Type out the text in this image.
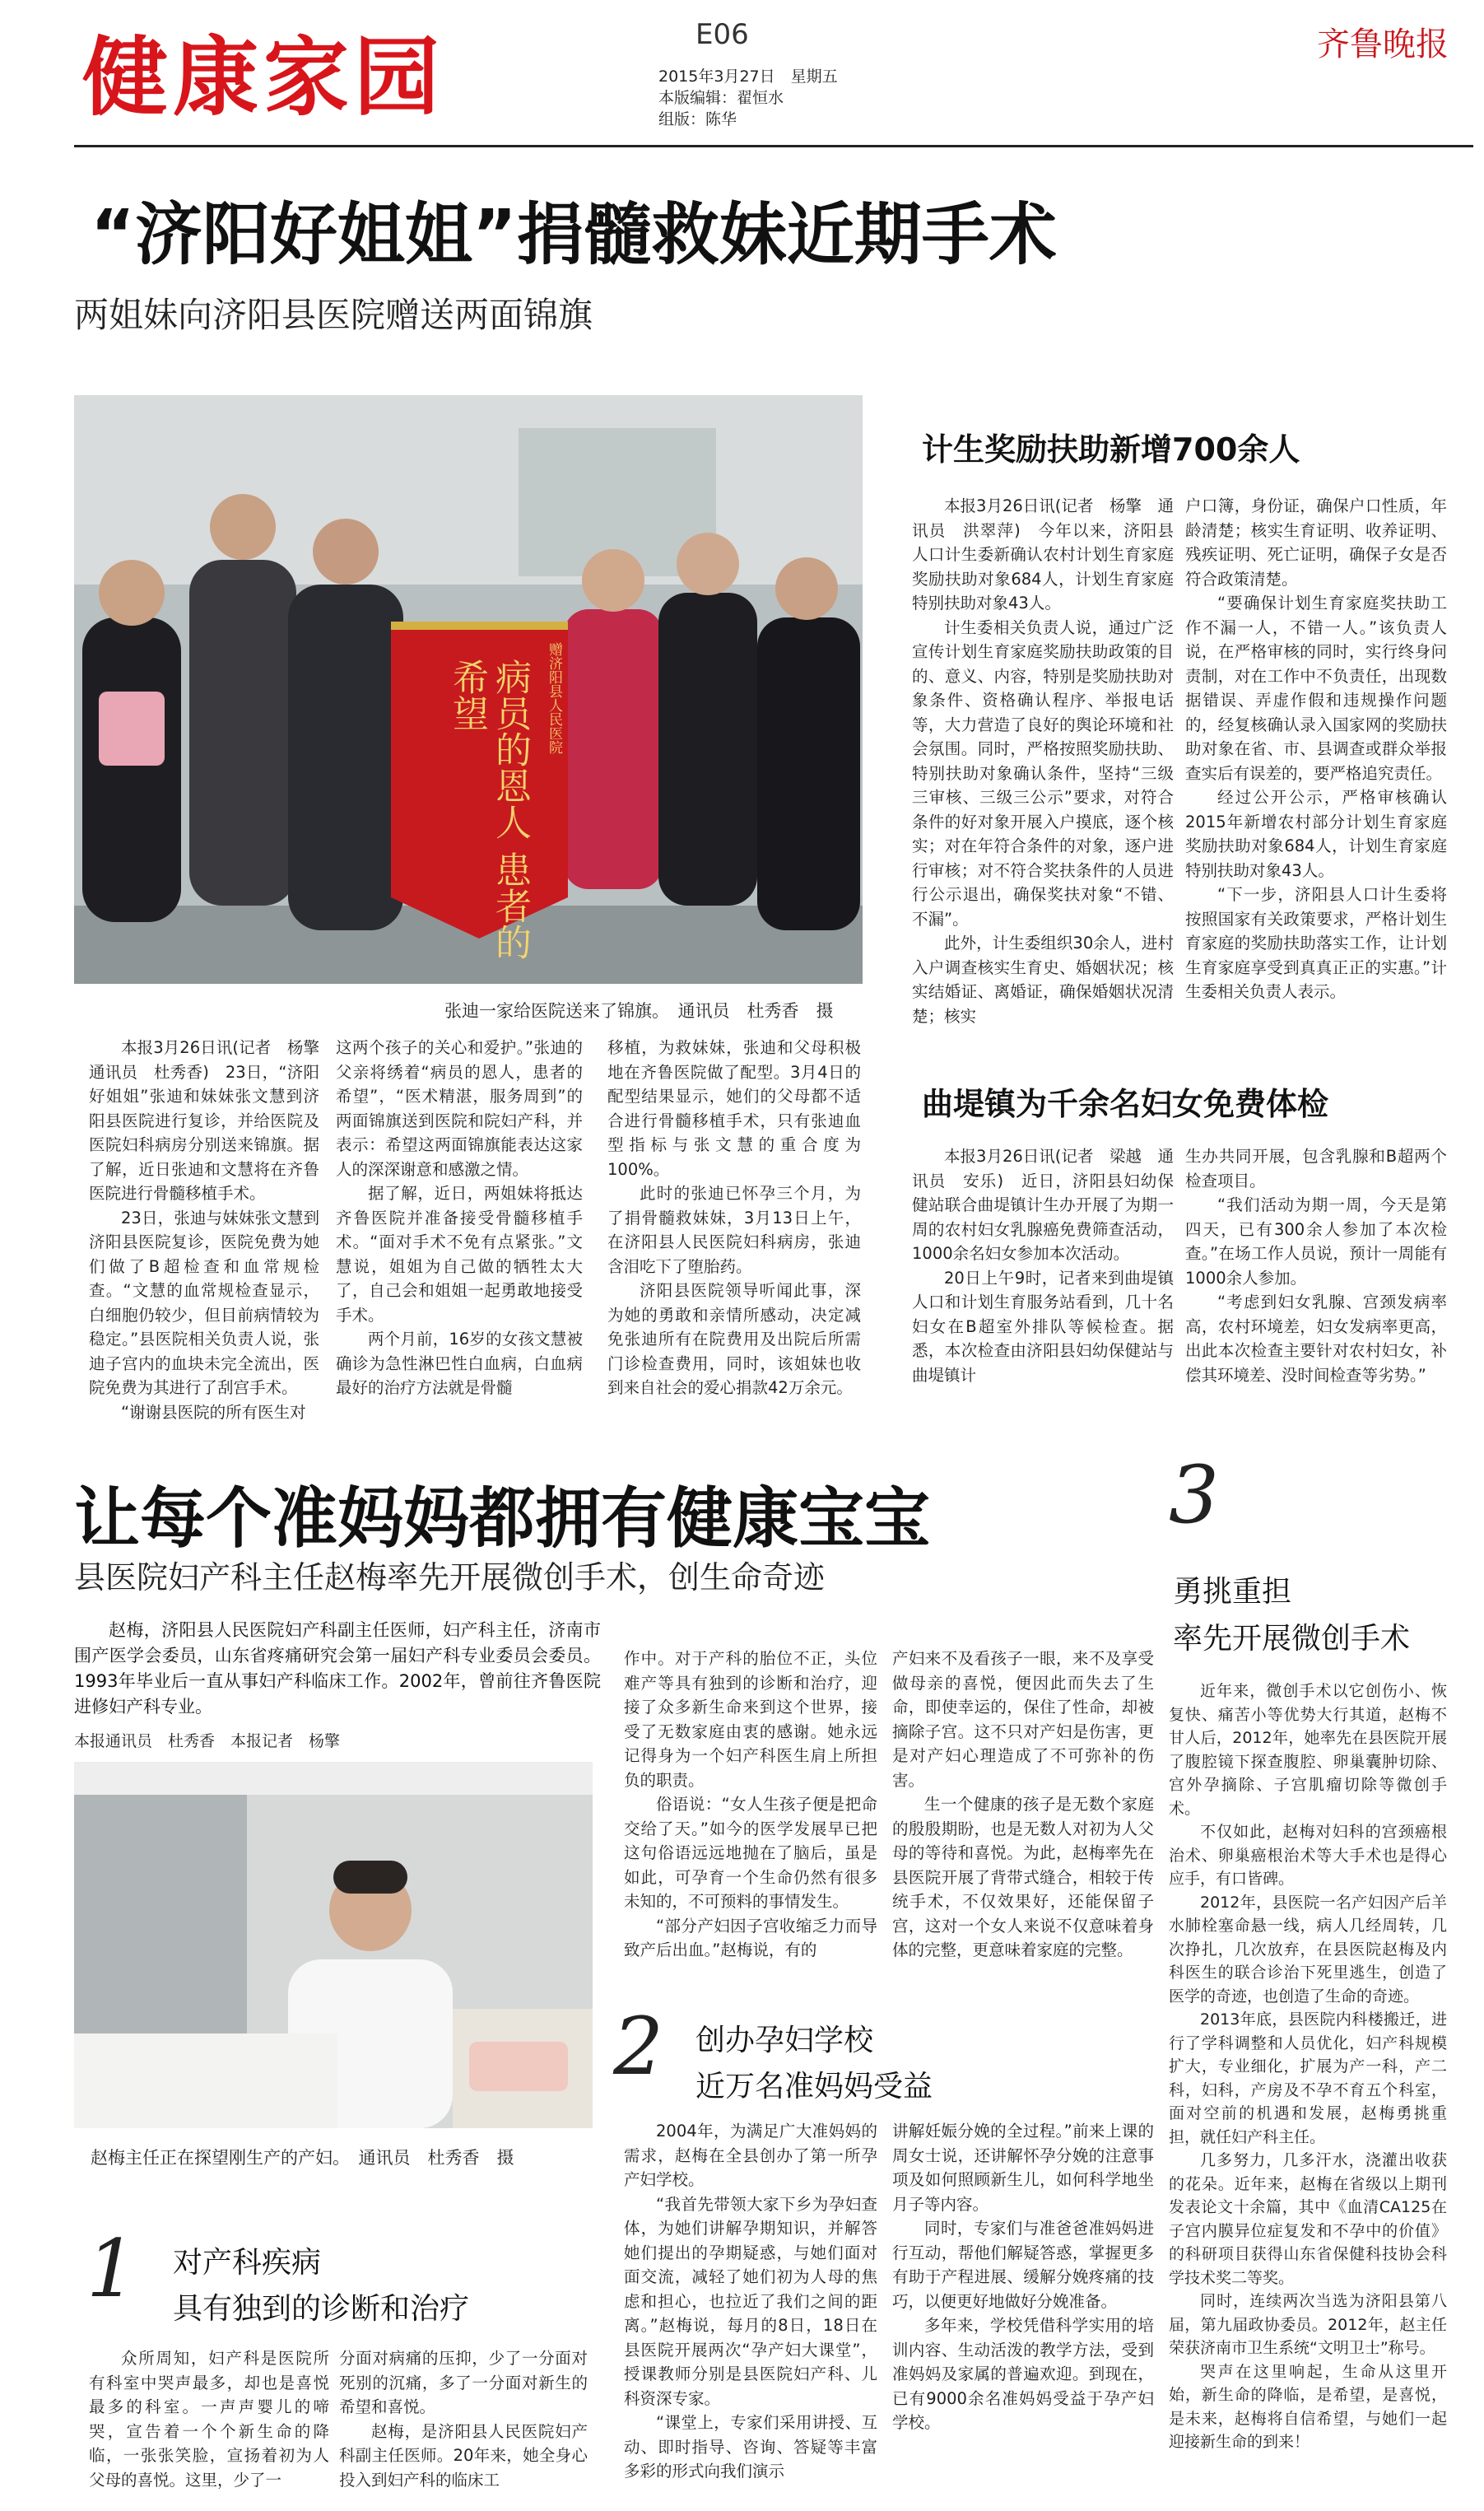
健康家园	E06
2015年3月27日　星期五
本版编辑：翟恒水
组版：陈华
齐鲁晚报
“济阳好姐姐”捐髓救妹近期手术
两姐妹向济阳县医院赠送两面锦旗
赠济阳县人民医院
病员的恩人 患者的希望
张迪一家给医院送来了锦旗。　通讯员　杜秀香　摄

本报3月26日讯(记者　杨擎　通讯员　杜秀香)　23日，“济阳好姐姐”张迪和妹妹张文慧到济阳县医院进行复诊，并给医院及医院妇科病房分别送来锦旗。据了解，近日张迪和文慧将在齐鲁医院进行骨髓移植手术。

23日，张迪与妹妹张文慧到济阳县医院复诊，医院免费为她们做了B超检查和血常规检查。“文慧的血常规检查显示，白细胞仍较少，但目前病情较为稳定。”县医院相关负责人说，张迪子宫内的血块未完全流出，医院免费为其进行了刮宫手术。

“谢谢县医院的所有医生对

这两个孩子的关心和爱护。”张迪的父亲将绣着“病员的恩人，患者的希望”，“医术精湛，服务周到”的两面锦旗送到医院和院妇产科，并表示：希望这两面锦旗能表达这家人的深深谢意和感激之情。

据了解，近日，两姐妹将抵达齐鲁医院并准备接受骨髓移植手术。“面对手术不免有点紧张。”文慧说，姐姐为自己做的牺牲太大了，自己会和姐姐一起勇敢地接受手术。

两个月前，16岁的女孩文慧被确诊为急性淋巴性白血病，白血病最好的治疗方法就是骨髓

移植，为救妹妹，张迪和父母积极地在齐鲁医院做了配型。3月4日的配型结果显示，她们的父母都不适合进行骨髓移植手术，只有张迪血型指标与张文慧的重合度为100%。

此时的张迪已怀孕三个月，为了捐骨髓救妹妹，3月13日上午，在济阳县人民医院妇科病房，张迪含泪吃下了堕胎药。

济阳县医院领导听闻此事，深为她的勇敢和亲情所感动，决定减免张迪所有在院费用及出院后所需门诊检查费用，同时，该姐妹也收到来自社会的爱心捐款42万余元。

计生奖励扶助新增700余人

本报3月26日讯(记者　杨擎　通讯员　洪翠萍)　今年以来，济阳县人口计生委新确认农村计划生育家庭奖励扶助对象684人，计划生育家庭特别扶助对象43人。

计生委相关负责人说，通过广泛宣传计划生育家庭奖励扶助政策的目的、意义、内容，特别是奖励扶助对象条件、资格确认程序、举报电话等，大力营造了良好的舆论环境和社会氛围。同时，严格按照奖励扶助、特别扶助对象确认条件，坚持“三级三审核、三级三公示”要求，对符合条件的好对象开展入户摸底，逐个核实；对在年符合条件的对象，逐户进行审核；对不符合奖扶条件的人员进行公示退出，确保奖扶对象“不错、不漏”。

此外，计生委组织30余人，进村入户调查核实生育史、婚姻状况；核实结婚证、离婚证，确保婚姻状况清楚；核实

户口簿，身份证，确保户口性质，年龄清楚；核实生育证明、收养证明、残疾证明、死亡证明，确保子女是否符合政策清楚。

“要确保计划生育家庭奖扶助工作不漏一人，不错一人。”该负责人说，在严格审核的同时，实行终身问责制，对在工作中不负责任，出现数据错误、弄虚作假和违规操作问题的，经复核确认录入国家网的奖励扶助对象在省、市、县调查或群众举报查实后有误差的，要严格追究责任。

经过公开公示，严格审核确认2015年新增农村部分计划生育家庭奖励扶助对象684人，计划生育家庭特别扶助对象43人。

“下一步，济阳县人口计生委将按照国家有关政策要求，严格计划生育家庭的奖励扶助落实工作，让计划生育家庭享受到真真正正的实惠。”计生委相关负责人表示。

曲堤镇为千余名妇女免费体检

本报3月26日讯(记者　梁越　通讯员　安乐)　近日，济阳县妇幼保健站联合曲堤镇计生办开展了为期一周的农村妇女乳腺癌免费筛查活动，1000余名妇女参加本次活动。

20日上午9时，记者来到曲堤镇人口和计划生育服务站看到，几十名妇女在B超室外排队等候检查。据悉，本次检查由济阳县妇幼保健站与曲堤镇计

生办共同开展，包含乳腺和B超两个检查项目。

“我们活动为期一周，今天是第四天，已有300余人参加了本次检查。”在场工作人员说，预计一周能有1000余人参加。

“考虑到妇女乳腺、宫颈发病率高，农村环境差，妇女发病率更高，出此本次检查主要针对农村妇女，补偿其环境差、没时间检查等劣势。”

让每个准妈妈都拥有健康宝宝
县医院妇产科主任赵梅率先开展微创手术，创生命奇迹
赵梅，济阳县人民医院妇产科副主任医师，妇产科主任，济南市围产医学会委员，山东省疼痛研究会第一届妇产科专业委员会委员。1993年毕业后一直从事妇产科临床工作。2002年，曾前往齐鲁医院进修妇产科专业。
本报通讯员　杜秀香　本报记者　杨擎
赵梅主任正在探望刚生产的产妇。　通讯员　杜秀香　摄

作中。对于产科的胎位不正，头位难产等具有独到的诊断和治疗，迎接了众多新生命来到这个世界，接受了无数家庭由衷的感谢。她永远记得身为一个妇产科医生肩上所担负的职责。

俗语说：“女人生孩子便是把命交给了天。”如今的医学发展早已把这句俗语远远地抛在了脑后，虽是如此，可孕育一个生命仍然有很多未知的，不可预料的事情发生。

“部分产妇因子宫收缩乏力而导致产后出血。”赵梅说，有的

产妇来不及看孩子一眼，来不及享受做母亲的喜悦，便因此而失去了生命，即使幸运的，保住了性命，却被摘除子宫。这不只对产妇是伤害，更是对产妇心理造成了不可弥补的伤害。

生一个健康的孩子是无数个家庭的殷殷期盼，也是无数人对初为人父母的等待和喜悦。为此，赵梅率先在县医院开展了背带式缝合，相较于传统手术，不仅效果好，还能保留子宫，这对一个女人来说不仅意味着身体的完整，更意味着家庭的完整。

1 对产科疾病
具有独到的诊断和治疗

众所周知，妇产科是医院所有科室中哭声最多，却也是喜悦最多的科室。一声声婴儿的啼哭，宣告着一个个新生命的降临，一张张笑脸，宣扬着初为人父母的喜悦。这里，少了一

分面对病痛的压抑，少了一分面对死别的沉痛，多了一分面对新生的希望和喜悦。

赵梅，是济阳县人民医院妇产科副主任医师。20年来，她全身心投入到妇产科的临床工

2 创办孕妇学校
近万名准妈妈受益

2004年，为满足广大准妈妈的需求，赵梅在全县创办了第一所孕产妇学校。

“我首先带领大家下乡为孕妇查体，为她们讲解孕期知识，并解答她们提出的孕期疑惑，与她们面对面交流，减轻了她们初为人母的焦虑和担心，也拉近了我们之间的距离。”赵梅说，每月的8日，18日在县医院开展两次“孕产妇大课堂”，授课教师分别是县医院妇产科、儿科资深专家。

“课堂上，专家们采用讲授、互动、即时指导、咨询、答疑等丰富多彩的形式向我们演示

讲解妊娠分娩的全过程。”前来上课的周女士说，还讲解怀孕分娩的注意事项及如何照顾新生儿，如何科学地坐月子等内容。

同时，专家们与准爸爸准妈妈进行互动，帮他们解疑答惑，掌握更多有助于产程进展、缓解分娩疼痛的技巧，以便更好地做好分娩准备。

多年来，学校凭借科学实用的培训内容、生动活泼的教学方法，受到准妈妈及家属的普遍欢迎。到现在，已有9000余名准妈妈受益于孕产妇学校。

3
勇挑重担
率先开展微创手术

近年来，微创手术以它创伤小、恢复快、痛苦小等优势大行其道，赵梅不甘人后，2012年，她率先在县医院开展了腹腔镜下探查腹腔、卵巢囊肿切除、宫外孕摘除、子宫肌瘤切除等微创手术。

不仅如此，赵梅对妇科的宫颈癌根治术、卵巢癌根治术等大手术也是得心应手，有口皆碑。

2012年，县医院一名产妇因产后羊水肺栓塞命悬一线，病人几经周转，几次挣扎，几次放弃，在县医院赵梅及内科医生的联合诊治下死里逃生，创造了医学的奇迹，也创造了生命的奇迹。

2013年底，县医院内科楼搬迁，进行了学科调整和人员优化，妇产科规模扩大，专业细化，扩展为产一科，产二科，妇科，产房及不孕不育五个科室，面对空前的机遇和发展，赵梅勇挑重担，就任妇产科主任。

几多努力，几多汗水，浇灌出收获的花朵。近年来，赵梅在省级以上期刊发表论文十余篇，其中《血清CA125在子宫内膜异位症复发和不孕中的价值》的科研项目获得山东省保健科技协会科学技术奖二等奖。

同时，连续两次当选为济阳县第八届，第九届政协委员。2012年，赵主任荣获济南市卫生系统“文明卫士”称号。

哭声在这里响起，生命从这里开始，新生命的降临，是希望，是喜悦，是未来，赵梅将自信希望，与她们一起迎接新生命的到来！
